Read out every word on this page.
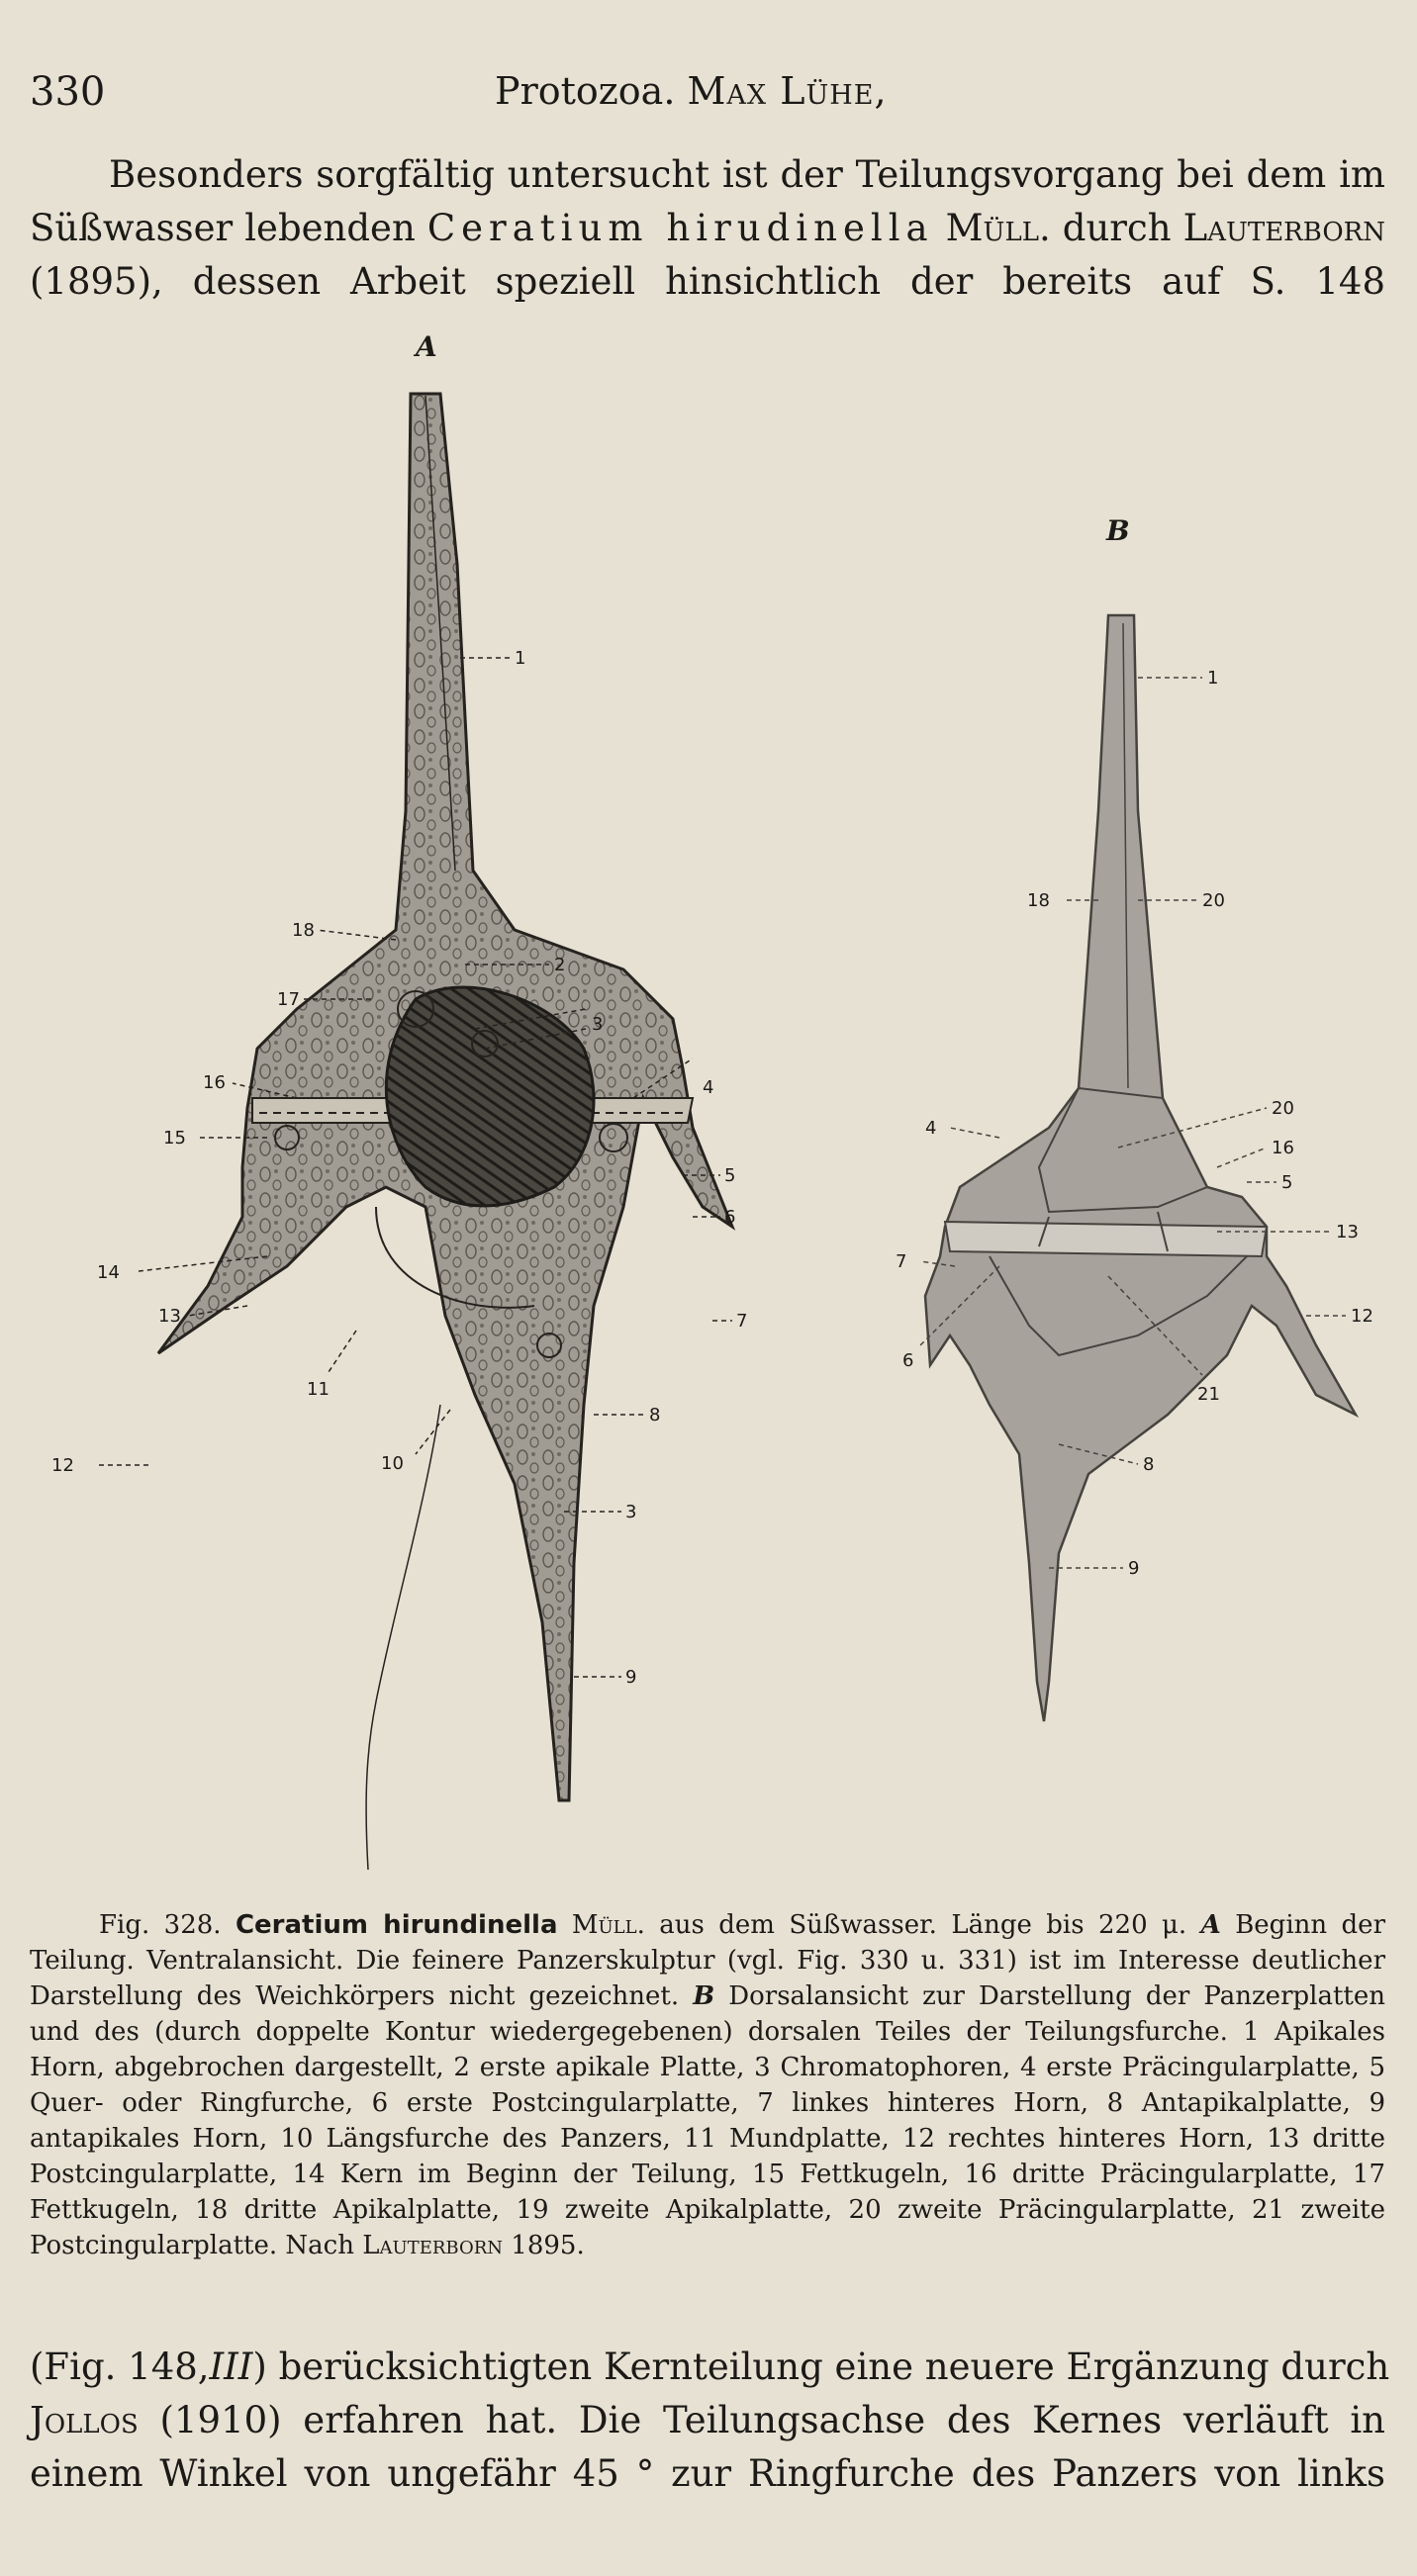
330	Protozoa. Max Lühe,
Besonders sorgfältig untersucht ist der Teilungsvorgang bei dem im
Süßwasser lebenden Ceratium hirudinella Müll. durch Lauterborn
(1895), dessen Arbeit speziell hinsichtlich der bereits auf S. 148
A
B
1
2
3
4
5
6
7
8
3
9
10
11
12
13
14
15
16
17
18
1
18	20
4
20
16
5
13
7
6
21
12
8
9
Fig. 328. Ceratium hirundinella Müll. aus dem Süßwasser. Länge bis 220 μ. A Beginn der Teilung. Ventralansicht. Die feinere Panzerskulptur (vgl. Fig. 330 u. 331) ist im Interesse deutlicher Darstellung des Weichkörpers nicht gezeichnet. B Dorsalansicht zur Darstellung der Panzerplatten und des (durch doppelte Kontur wiedergegebenen) dorsalen Teiles der Teilungsfurche. 1 Apikales Horn, abgebrochen dargestellt, 2 erste apikale Platte, 3 Chromatophoren, 4 erste Präcingularplatte, 5 Quer- oder Ringfurche, 6 erste Postcingularplatte, 7 linkes hinteres Horn, 8 Antapikalplatte, 9 antapikales Horn, 10 Längsfurche des Panzers, 11 Mundplatte, 12 rechtes hinteres Horn, 13 dritte Postcingularplatte, 14 Kern im Beginn der Teilung, 15 Fettkugeln, 16 dritte Präcingularplatte, 17 Fettkugeln, 18 dritte Apikalplatte, 19 zweite Apikalplatte, 20 zweite Präcingularplatte, 21 zweite Postcingularplatte. Nach Lauterborn 1895.
(Fig. 148,III) berücksichtigten Kernteilung eine neuere Ergänzung durch
Jollos (1910) erfahren hat. Die Teilungsachse des Kernes verläuft in
einem Winkel von ungefähr 45 ° zur Ringfurche des Panzers von links
